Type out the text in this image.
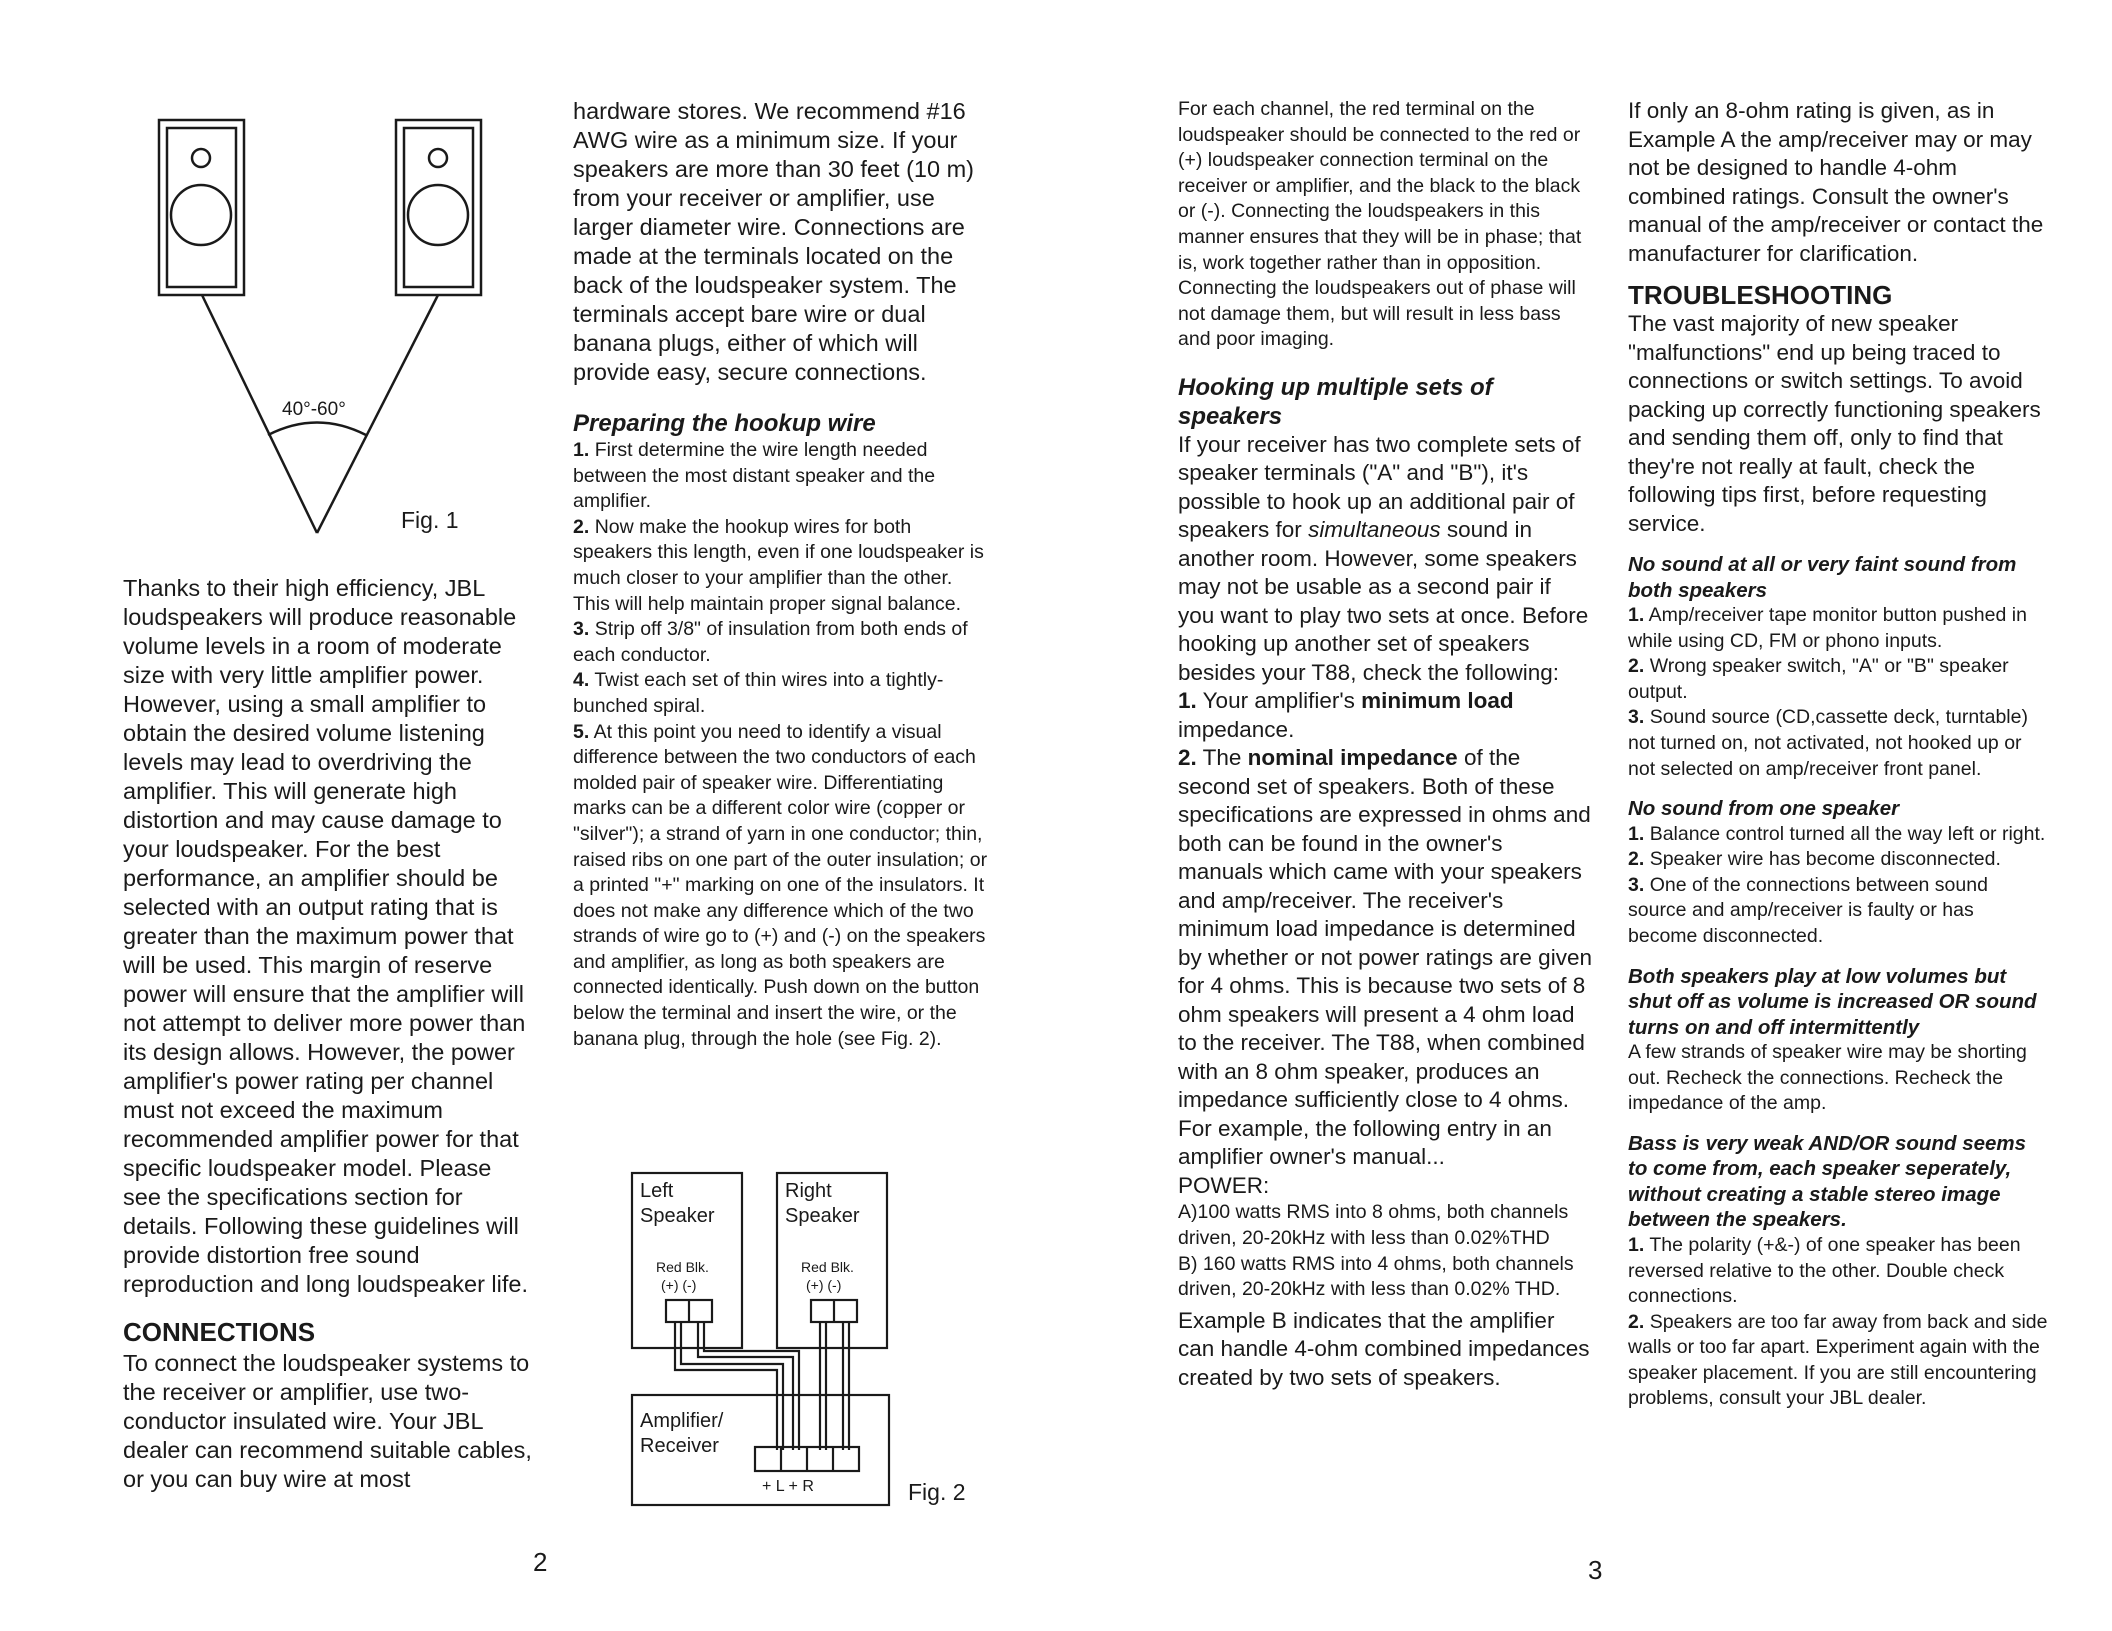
40°-60°
Fig. 1

Thanks to their high efficiency, JBL loudspeakers will produce reasonable volume levels in a room of moderate size with very little amplifier power. However, using a small amplifier to obtain the desired volume listening levels may lead to overdriving the amplifier. This will generate high distortion and may cause damage to your loudspeaker. For the best performance, an amplifier should be selected with an output rating that is greater than the maximum power that will be used. This margin of reserve power will ensure that the amplifier will not attempt to deliver more power than its design allows. However, the power amplifier's power rating per channel must not exceed the maximum recommended amplifier power for that specific loudspeaker model. Please see the specifications section for details. Following these guidelines will provide distortion free sound reproduction and long loudspeaker life.

CONNECTIONS

To connect the loudspeaker systems to the receiver or amplifier, use two-conductor insulated wire. Your JBL dealer can recommend suitable cables, or you can buy wire at most

hardware stores. We recommend #16 AWG wire as a minimum size. If your speakers are more than 30 feet (10 m) from your receiver or amplifier, use larger diameter wire. Connections are made at the terminals located on the back of the loudspeaker system. The terminals accept bare wire or dual banana plugs, either of which will provide easy, secure connections.

Preparing the hookup wire

1. First determine the wire length needed between the most distant speaker and the amplifier.

2. Now make the hookup wires for both speakers this length, even if one loudspeaker is much closer to your amplifier than the other. This will help maintain proper signal balance.

3. Strip off 3/8" of insulation from both ends of each conductor.

4. Twist each set of thin wires into a tightly-bunched spiral.

5. At this point you need to identify a visual difference between the two conductors of each molded pair of speaker wire. Differentiating marks can be a different color wire (copper or "silver"); a strand of yarn in one conductor; thin, raised ribs on one part of the outer insulation; or a printed "+" marking on one of the insulators. It does not make any difference which of the two strands of wire go to (+) and (-) on the speakers and amplifier, as long as both speakers are connected identically. Push down on the button below the terminal and insert the wire, or the banana plug, through the hole (see Fig. 2).

Left
Speaker
Right
Speaker
Red Blk.
(+) (-)
Red Blk.
(+) (-)
Amplifier/
Receiver
+ L + R	Fig. 2
2	3

For each channel, the red terminal on the loudspeaker should be connected to the red or (+) loudspeaker connection terminal on the receiver or amplifier, and the black to the black or (-). Connecting the loudspeakers in this manner ensures that they will be in phase; that is, work together rather than in opposition. Connecting the loudspeakers out of phase will not damage them, but will result in less bass and poor imaging.

Hooking up multiple sets of speakers

If your receiver has two complete sets of speaker terminals ("A" and "B"), it's possible to hook up an additional pair of speakers for simultaneous sound in another room. However, some speakers may not be usable as a second pair if you want to play two sets at once. Before hooking up another set of speakers besides your T88, check the following:

1. Your amplifier's minimum load impedance.

2. The nominal impedance of the second set of speakers. Both of these specifications are expressed in ohms and both can be found in the owner's manuals which came with your speakers and amp/receiver. The receiver's minimum load impedance is determined by whether or not power ratings are given for 4 ohms. This is because two sets of 8 ohm speakers will present a 4 ohm load to the receiver. The T88, when combined with an 8 ohm speaker, produces an impedance sufficiently close to 4 ohms. For example, the following entry in an amplifier owner's manual...

POWER:

A)100 watts RMS into 8 ohms, both channels driven, 20-20kHz with less than 0.02%THD

B) 160 watts RMS into 4 ohms, both channels driven, 20-20kHz with less than 0.02% THD.

Example B indicates that the amplifier can handle 4-ohm combined impedances created by two sets of speakers.

If only an 8-ohm rating is given, as in Example A the amp/receiver may or may not be designed to handle 4-ohm combined ratings. Consult the owner's manual of the amp/receiver or contact the manufacturer for clarification.

TROUBLESHOOTING

The vast majority of new speaker "malfunctions" end up being traced to connections or switch settings. To avoid packing up correctly functioning speakers and sending them off, only to find that they're not really at fault, check the following tips first, before requesting service.

No sound at all or very faint sound from both speakers

1. Amp/receiver tape monitor button pushed in while using CD, FM or phono inputs.

2. Wrong speaker switch, "A" or "B" speaker output.

3. Sound source (CD,cassette deck, turntable) not turned on, not activated, not hooked up or not selected on amp/receiver front panel.

No sound from one speaker

1. Balance control turned all the way left or right.

2. Speaker wire has become disconnected.

3. One of the connections between sound source and amp/receiver is faulty or has become disconnected.

Both speakers play at low volumes but shut off as volume is increased OR sound turns on and off intermittently

A few strands of speaker wire may be shorting out. Recheck the connections. Recheck the impedance of the amp.

Bass is very weak AND/OR sound seems to come from, each speaker seperately, without creating a stable stereo image between the speakers.

1. The polarity (+&-) of one speaker has been reversed relative to the other. Double check connections.

2. Speakers are too far away from back and side walls or too far apart. Experiment again with the speaker placement. If you are still encountering problems, consult your JBL dealer.
